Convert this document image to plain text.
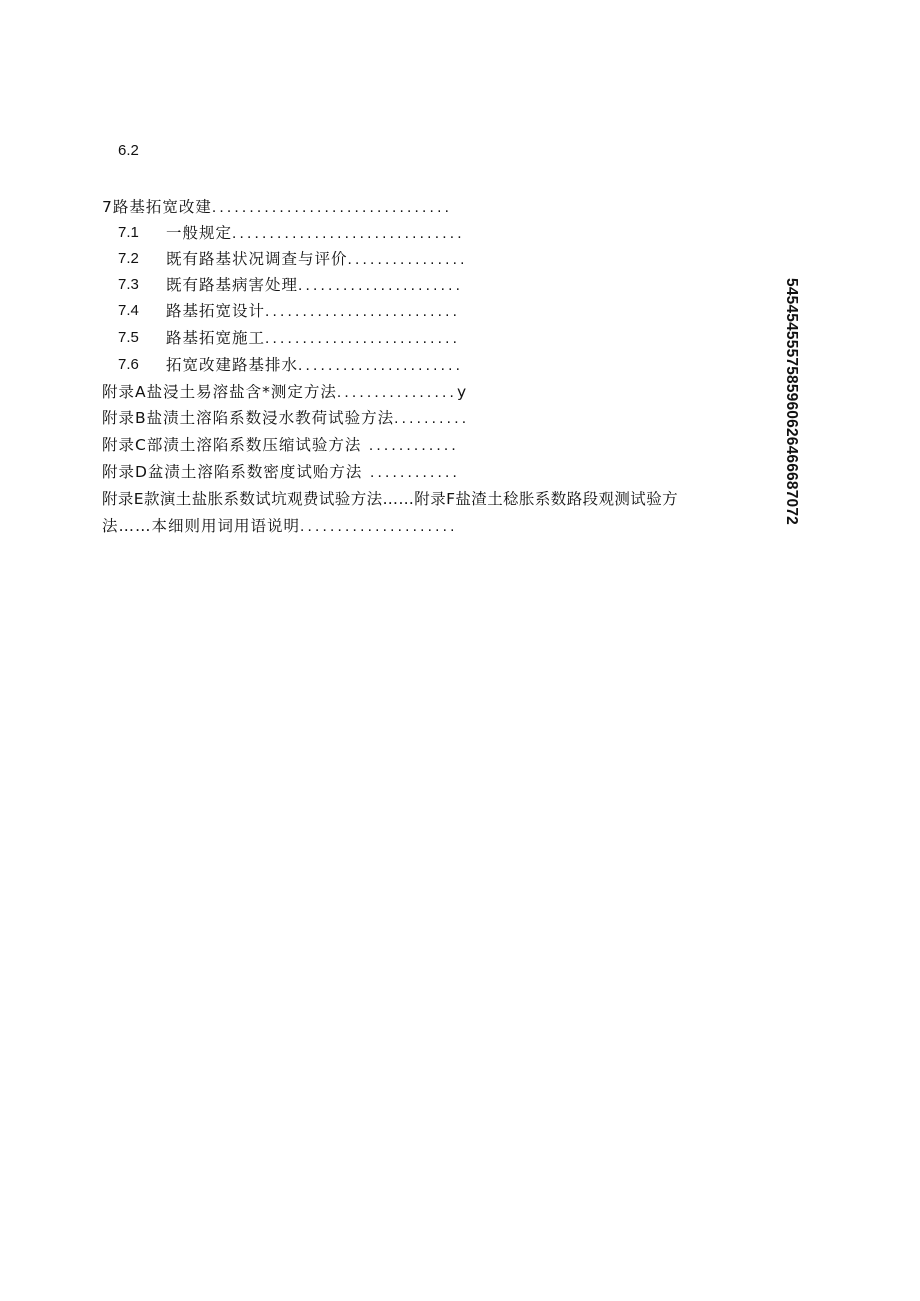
6.2
7路基拓宽改建................................
7.1 一般规定...............................
7.2 既有路基状况调查与评价................
7.3 既有路基病害处理......................
7.4 路基拓宽设计..........................
7.5 路基拓宽施工..........................
7.6 拓宽改建路基排水......................
附录A盐浸土易溶盐含*测定方法................y
附录B盐渍土溶陷系数浸水教荷试验方法..........
附录C部渍土溶陷系数压缩试验方法 ............
附录D盆渍土溶陷系数密度试贻方法 ............
附录E款演土盐胀系数试坑观费试验方法……附录F盐渣土稔胀系数路段观测试验方
法……本细则用词用语说明.....................
5454545557585960626466687072
